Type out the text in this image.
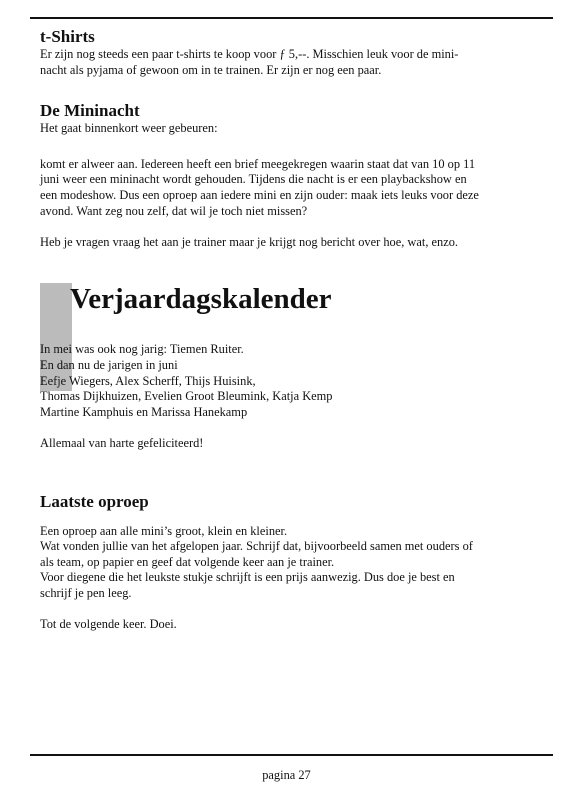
t-Shirts

Er zijn nog steeds een paar t-shirts te koop voor ƒ 5,--. Misschien leuk voor de mini-

nacht als pyjama of gewoon om in te trainen. Er zijn er nog een paar.

De Mininacht

Het gaat binnenkort weer gebeuren:

komt er alweer aan. Iedereen heeft een brief meegekregen waarin staat dat van 10 op 11

juni weer een mininacht wordt gehouden. Tijdens die nacht is er een playbackshow en

een modeshow. Dus een oproep aan iedere mini en zijn ouder: maak iets leuks voor deze

avond. Want zeg nou zelf, dat wil je toch niet missen?

Heb je vragen vraag het aan je trainer maar je krijgt nog bericht over hoe, wat, enzo.

Verjaardagskalender

In mei was ook nog jarig: Tiemen Ruiter.

En dan nu de jarigen in juni

Eefje Wiegers, Alex Scherff, Thijs Huisink,

Thomas Dijkhuizen, Evelien Groot Bleumink, Katja Kemp

Martine Kamphuis en Marissa Hanekamp

Allemaal van harte gefeliciteerd!

Laatste oproep

Een oproep aan alle mini’s groot, klein en kleiner.

Wat vonden jullie van het afgelopen jaar. Schrijf dat, bijvoorbeeld samen met ouders of

als team, op papier en geef dat volgende keer aan je trainer.

Voor diegene die het leukste stukje schrijft is een prijs aanwezig. Dus doe je best en

schrijf je pen leeg.

Tot de volgende keer. Doei.

pagina 27
